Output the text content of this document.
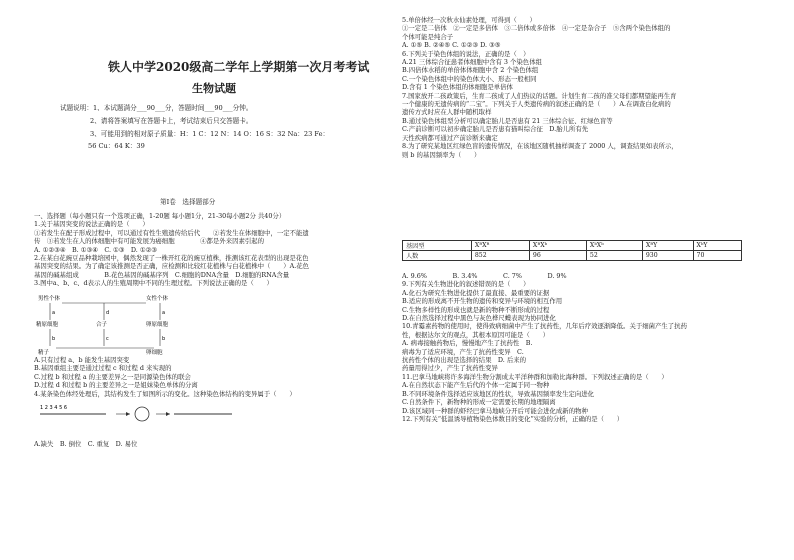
铁人中学2020级高二学年上学期第一次月考考试
生物试题
试题说明：1、本试题满分___90___分，答题时间___90___分钟。
2、请将答案填写在答题卡上，考试结束后只交答题卡。
3、可能用到的相对原子质量：H：1 C：12 N：14 O：16 S：32 Na：23 Fe：
56 Cu：64 K：39
第Ⅰ卷　选择题部分
一、选择题（每小题只有一个选项正确，1-20题 每小题1分，21-30每小题2分 共40分）
1.关于基因突变的说法正确的是（　　）
①若发生在配子形成过程中，可以通过有性生殖遗传给后代　　②若发生在体细胞中，一定不能遗
传　③若发生在人的体细胞中有可能发展为癌细胞　　　　④都是外来因素引起的
A. ①②③④　B. ①③④　C. ①③　D. ①②③
2.在某白花豌豆品种栽培园中，偶然发现了一株开红花的豌豆植株，推测该红花表型的出现是花色
基因突变的结果。为了确定该推测是否正确，应检测和比较红花植株与白花植株中（　　）A.花色
基因的碱基组成　　　　B.花色基因的碱基序列　C.细胞的DNA含量　D.细胞的RNA含量
3.图中a、b、c、d表示人的生殖周期中不同的生理过程。下列说法正确的是（　　）
男性个体	女性个体
d
a	a
精原细胞	合子	卵原细胞
b	b
c
精子	卵细胞
A.只有过程 a、b 能发生基因突变
B.基因重组主要是通过过程 c 和过程 d 来实现的
C.过程 b 和过程 a 的主要差异之一是同源染色体的联会
D.过程 d 和过程 b 的主要差异之一是姐妹染色单体的分离
4.某条染色体经处理后，其结构发生了如图所示的变化。这种染色体结构的变异属于（　　）
1 2 3 4 5 6
A.缺失　B. 倒位　C. 重复　D. 易位
5.单倍体经一次秋水仙素处理，可得到（　　）
①一定是二倍体　②一定是多倍体　③二倍体或多倍体　④一定是杂合子　⑤含两个染色体组的
个体可能是纯合子
A. ①⑤ B. ②④⑤ C. ①②③ D. ③⑤
6.下列关于染色体组的说法，正确的是（　）
A.21 三体综合征患者体细胞中含有 3 个染色体组
B.四倍体水稻的单倍体体细胞中含 2 个染色体组
C.一个染色体组中的染色体大小、形态一般相同
D.含有 1 个染色体组的体细胞是单倍体
7.国家放开二孩政策后，生育二孩成了人们热议的话题。计划生育二孩的准父母们都期望能再生育
一个健康的无遗传病的“二宝”。下列关于人类遗传病的叙述正确的是（　　）A.在调查白化病的
遗传方式时应在人群中随机取样
B.通过染色体组型分析可以确定胎儿是否患有 21 三体综合征、红绿色盲等
C.产前诊断可以初步确定胎儿是否患有猫叫综合征　D.胎儿所有先
天性疾病都可通过产前诊断来确定
8.为了研究某地区红绿色盲的遗传情况，在该地区随机抽样调查了 2000 人，调查结果如表所示，
则 b 的基因频率为（　　）
基因型	XᴮXᴮ	XᴮXᵇ	XᵇXᵇ	XᴮY	XᵇY
人数	852	96	52	930	70
A. 9.6%　　　　B. 3.4%　　　　C. 7%　　　　D. 9%
9.下列有关生物进化的叙述错误的是（　　）
A.化石为研究生物进化提供了最直接、最重要的证据
B.适应的形成离不开生物的遗传和变异与环境的相互作用
C.生物多样性的形成也就是新的物种不断形成的过程
D.在自然选择过程中黑色与灰色桦尺蠖表现为协同进化
10.青霉素药物的使用时，使得致病细菌中产生了抗药性，几年后疗效逐渐降低。关于细菌产生了抗药
性，根据达尔文的观点，其根本原因可能是（　　）
A. 病毒接触药物后，慢慢地产生了抗药性　B.
病毒为了适应环境，产生了抗药性变异　C.
抗药性个体的出现是选择的结果　D. 后来的
药量用得过少，产生了抗药性变异
11.巴拿马地峡将许多海洋生物分割成太平洋种群和加勒比海种群。下列叙述正确的是（　　）
A.在自然状态下能产生后代的个体一定属于同一物种
B.不同环境条件选择适应该地区的性状，导致基因频率发生定向进化
C.自然条件下，新物种的形成一定需要长期的地理隔离
D.该区域同一种群的虾经巴拿马地峡分开后可能会进化成新的物种
12.下列有关“低温诱导植物染色体数目的变化”实验的分析，正确的是（　　）
